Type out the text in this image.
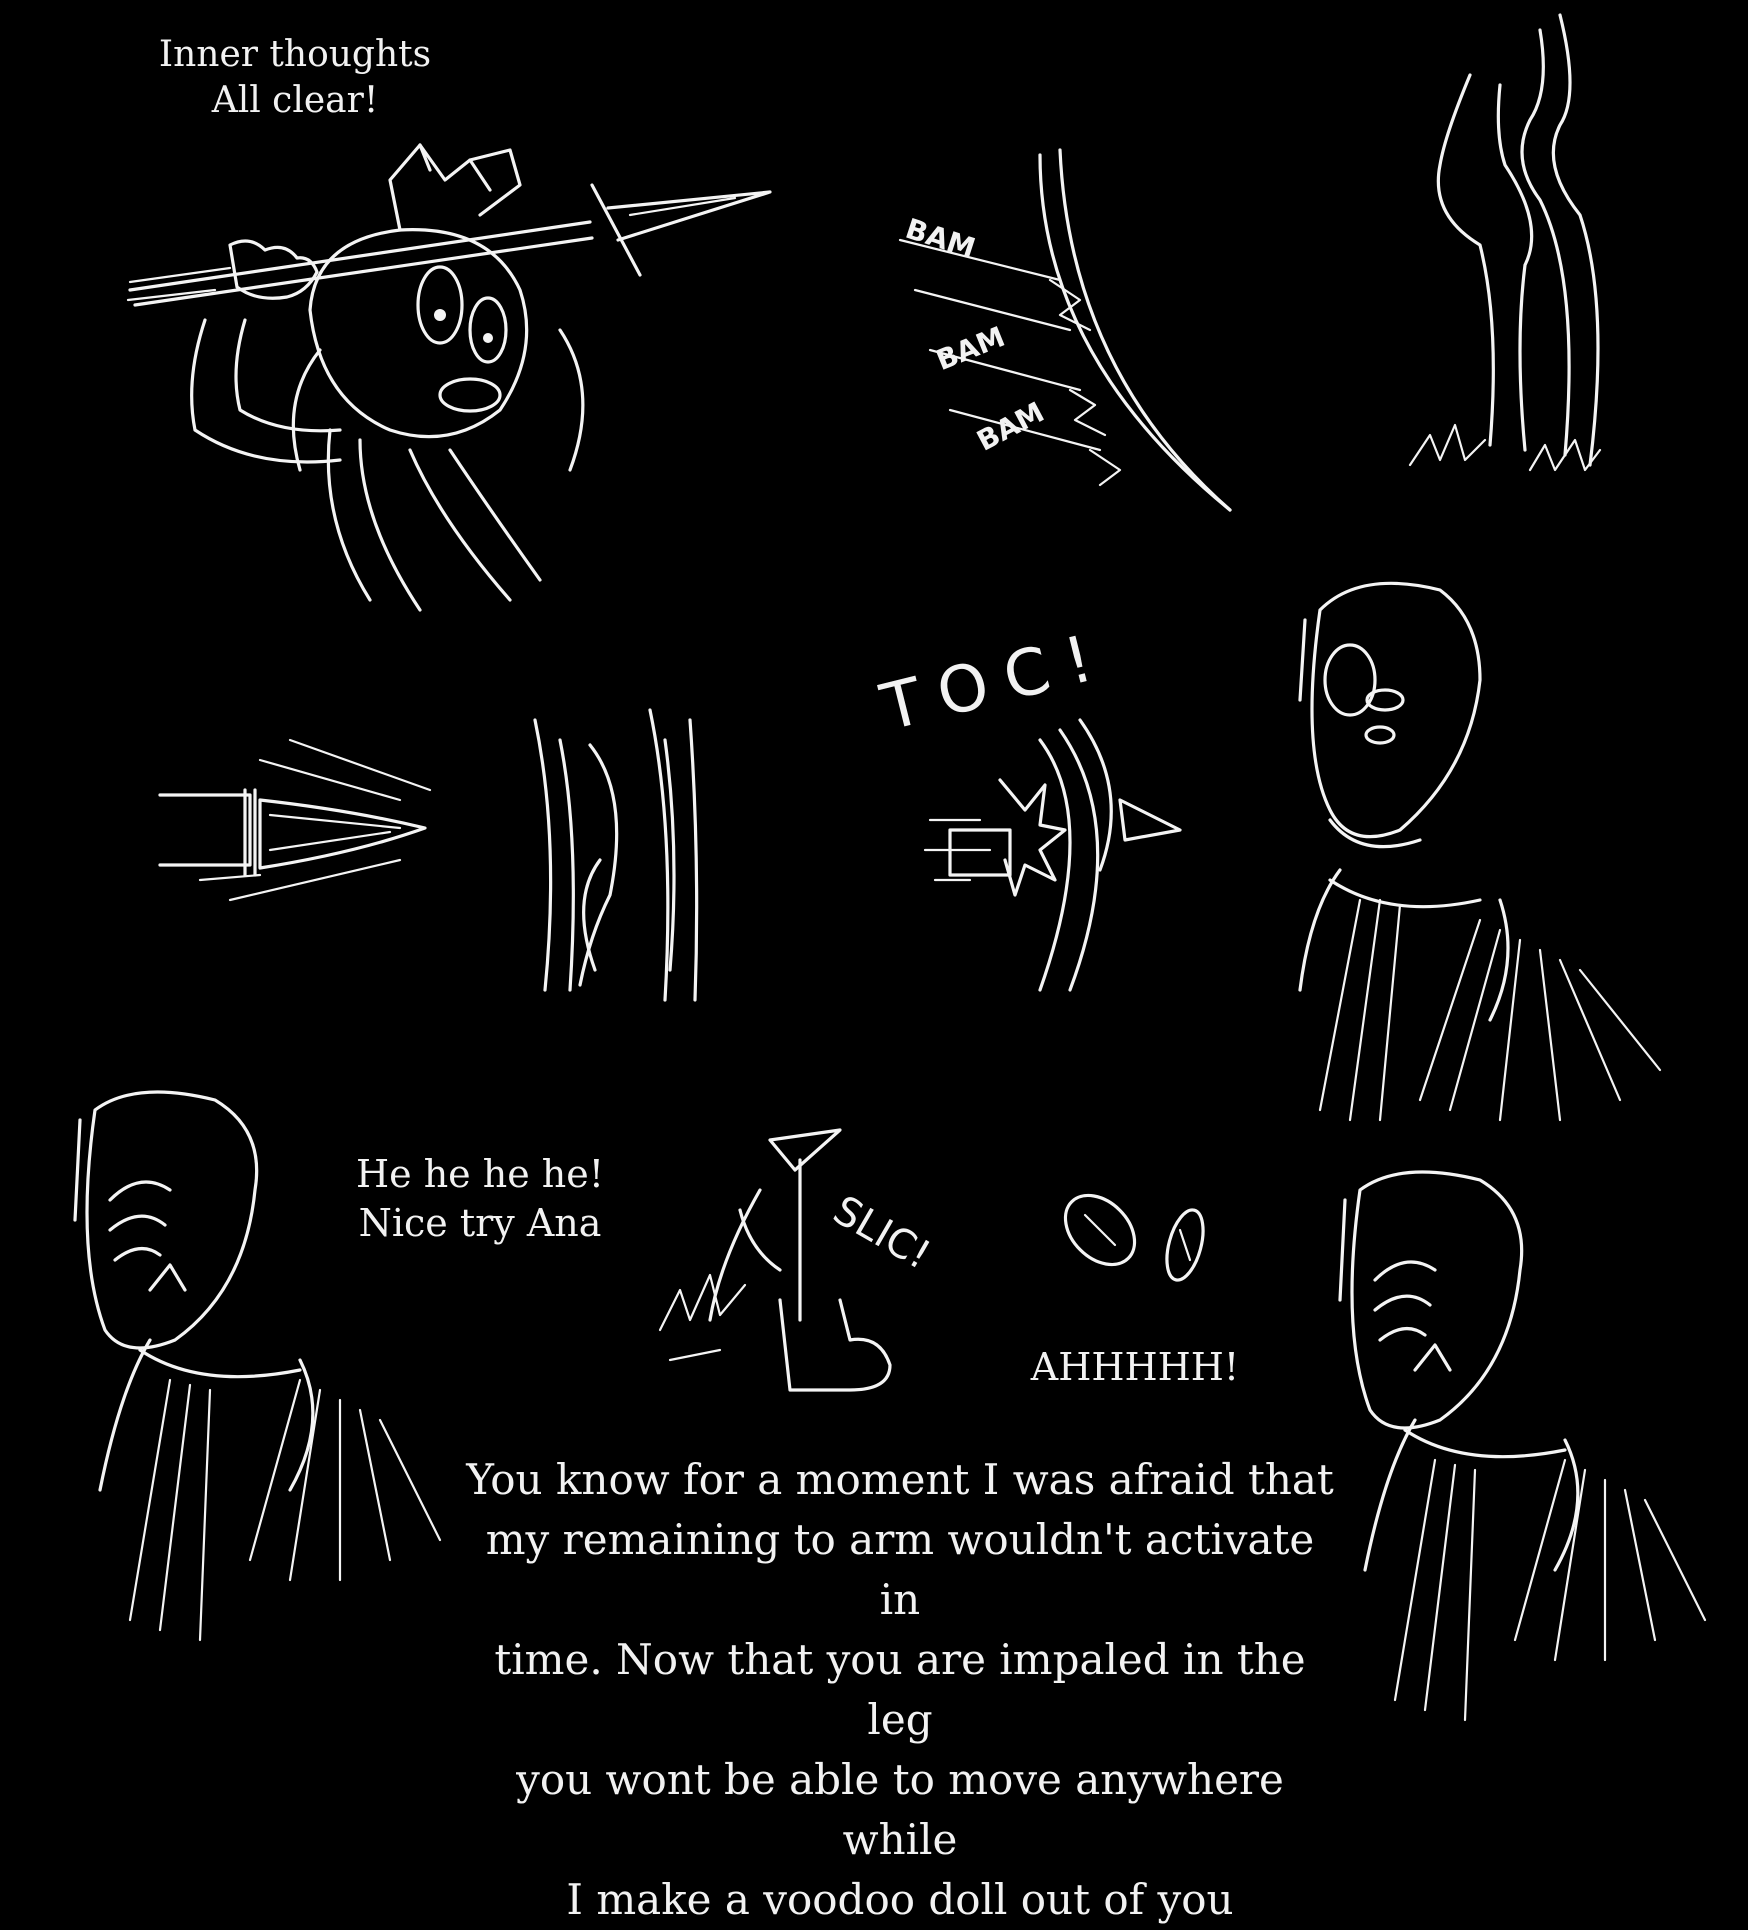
BAM
BAM
BAM
TOC!
SLIC!
Inner thoughts
All clear!
He he he he!
Nice try Ana
AHHHHH!
You know for a moment I was afraid that
my remaining to arm wouldn't activate in
time. Now that you are impaled in the leg
you wont be able to move anywhere while
I make a voodoo doll out of you
